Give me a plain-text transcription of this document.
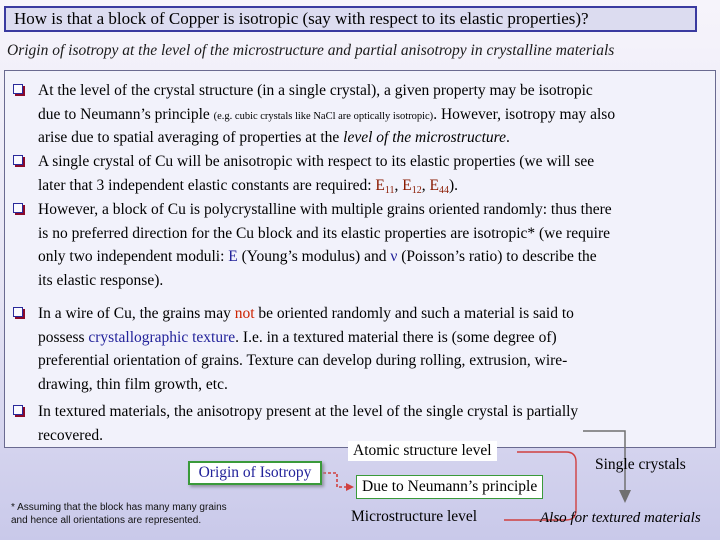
How is that a block of Copper is isotropic (say with respect to its elastic properties)?
Origin of isotropy at the level of the microstructure and partial anisotropy in crystalline materials
At the level of the crystal structure (in a single crystal), a given property may be isotropic
due to Neumann’s principle (e.g. cubic crystals like NaCl are optically isotropic). However, isotropy may also
arise due to spatial averaging of properties at the level of the microstructure.
A single crystal of Cu will be anisotropic with respect to its elastic properties (we will see
later that 3 independent elastic constants are required: $E_{11}$, $E_{12}$, $E_{44}$).
However, a block of Cu is polycrystalline with multiple grains oriented randomly: thus there
is no preferred direction for the Cu block and its elastic properties are isotropic* (we require
only two independent moduli: E (Young’s modulus) and ν (Poisson’s ratio) to describe the
its elastic response).
In a wire of Cu, the grains may not be oriented randomly and such a material is said to
possess crystallographic texture. I.e. in a textured material there is (some degree of)
preferential orientation of grains. Texture can develop during rolling, extrusion, wire-
drawing, thin film growth, etc.
In textured materials, the anisotropy present at the level of the single crystal is partially
recovered.
Atomic structure level
Origin of Isotropy
Due to Neumann’s principle
Microstructure level
Single crystals
Also for textured materials
* Assuming that the block has many many grains
and hence all orientations are represented.
